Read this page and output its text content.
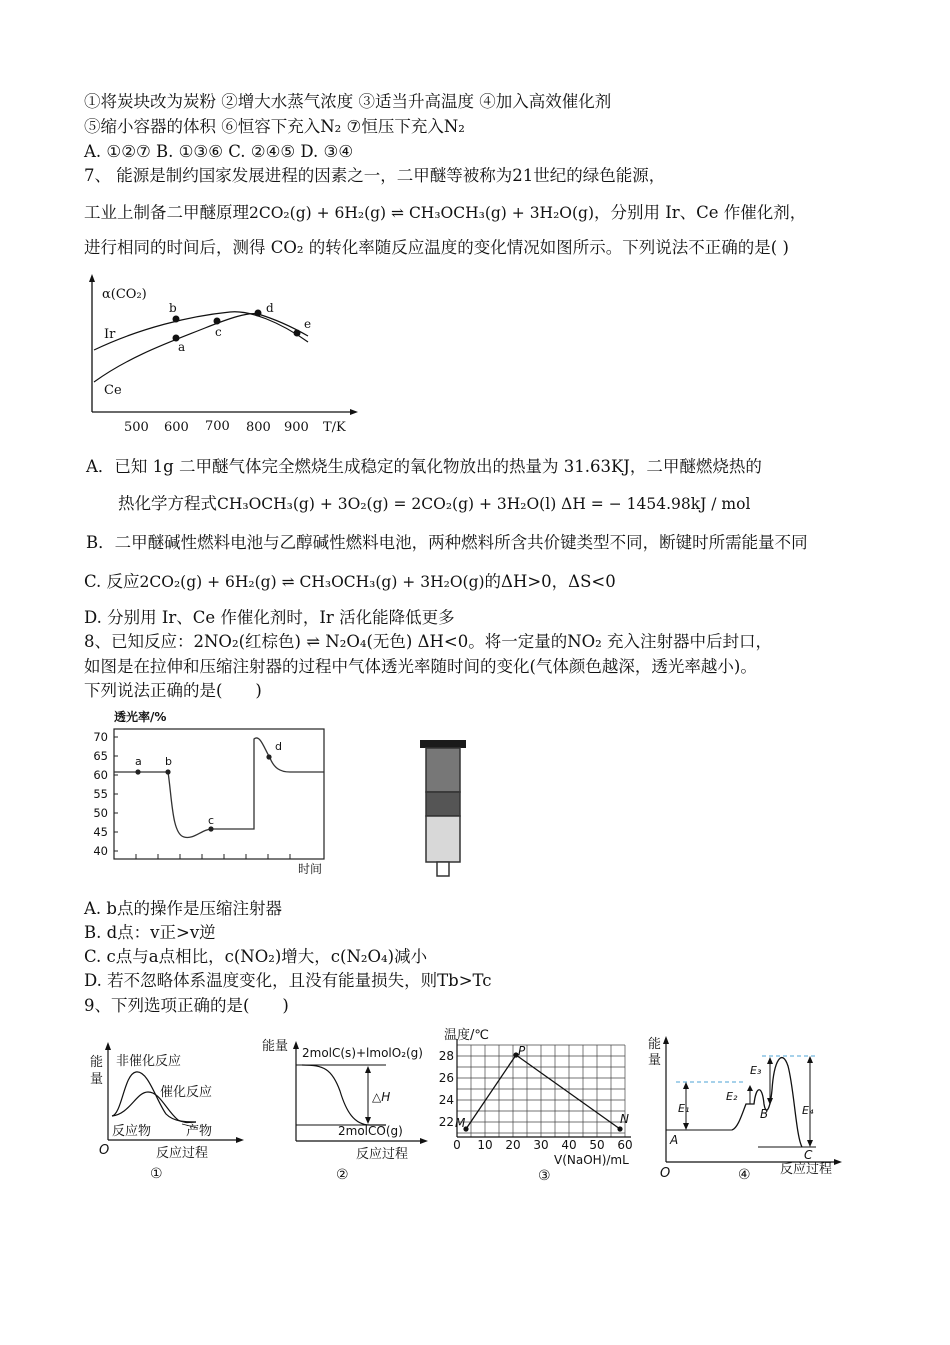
①将炭块改为炭粉 ②增大水蒸气浓度 ③适当升高温度 ④加入高效催化剂
⑤缩小容器的体积 ⑥恒容下充入N₂ ⑦恒压下充入N₂
A. ①②⑦ B. ①③⑥ C. ②④⑤ D. ③④
7、 能源是制约国家发展进程的因素之一，二甲醚等被称为21世纪的绿色能源，
工业上制备二甲醚原理2CO₂(g) + 6H₂(g) ⇌ CH₃OCH₃(g) + 3H₂O(g)，分别用 Ir、Ce 作催化剂，
进行相同的时间后，测得 CO₂ 的转化率随反应温度的变化情况如图所示。下列说法不正确的是( )
α(CO₂)
T/K
500 600 700 800 900
Ir
Ce
a
b
c
d
e
A．已知 1g 二甲醚气体完全燃烧生成稳定的氧化物放出的热量为 31.63KJ，二甲醚燃烧热的
热化学方程式CH₃OCH₃(g) + 3O₂(g) = 2CO₂(g) + 3H₂O(l) ΔH = − 1454.98kJ / mol
B．二甲醚碱性燃料电池与乙醇碱性燃料电池，两种燃料所含共价键类型不同，断键时所需能量不同
C. 反应2CO₂(g) + 6H₂(g) ⇌ CH₃OCH₃(g) + 3H₂O(g)的ΔH>0，ΔS<0
D. 分别用 Ir、Ce 作催化剂时，Ir 活化能降低更多
8、已知反应：2NO₂(红棕色) ⇌ N₂O₄(无色) ΔH<0。将一定量的NO₂ 充入注射器中后封口，
如图是在拉伸和压缩注射器的过程中气体透光率随时间的变化(气体颜色越深，透光率越小)。
下列说法正确的是(　　)
透光率/%
70
65
60
55
50
45
40
时间
a b
c
d
A. b点的操作是压缩注射器
B. d点：v正>v逆
C. c点与a点相比，c(NO₂)增大，c(N₂O₄)减小
D. 若不忽略体系温度变化，且没有能量损失，则Tb>Tc
9、下列选项正确的是(　　)
能
量
非催化反应
催化反应
反应物	产物
O	反应过程
①
能量 2molC(s)+lmolO₂(g)
△H
2molCO(g)
反应过程
②
温度/℃
28
26
24
22
0 10 20 30 40 50 60
M
P
N
V(NaOH)/mL
③
能
量
O	反应过程
④
A
B
C
E₁
E₂
E₃
E₄
